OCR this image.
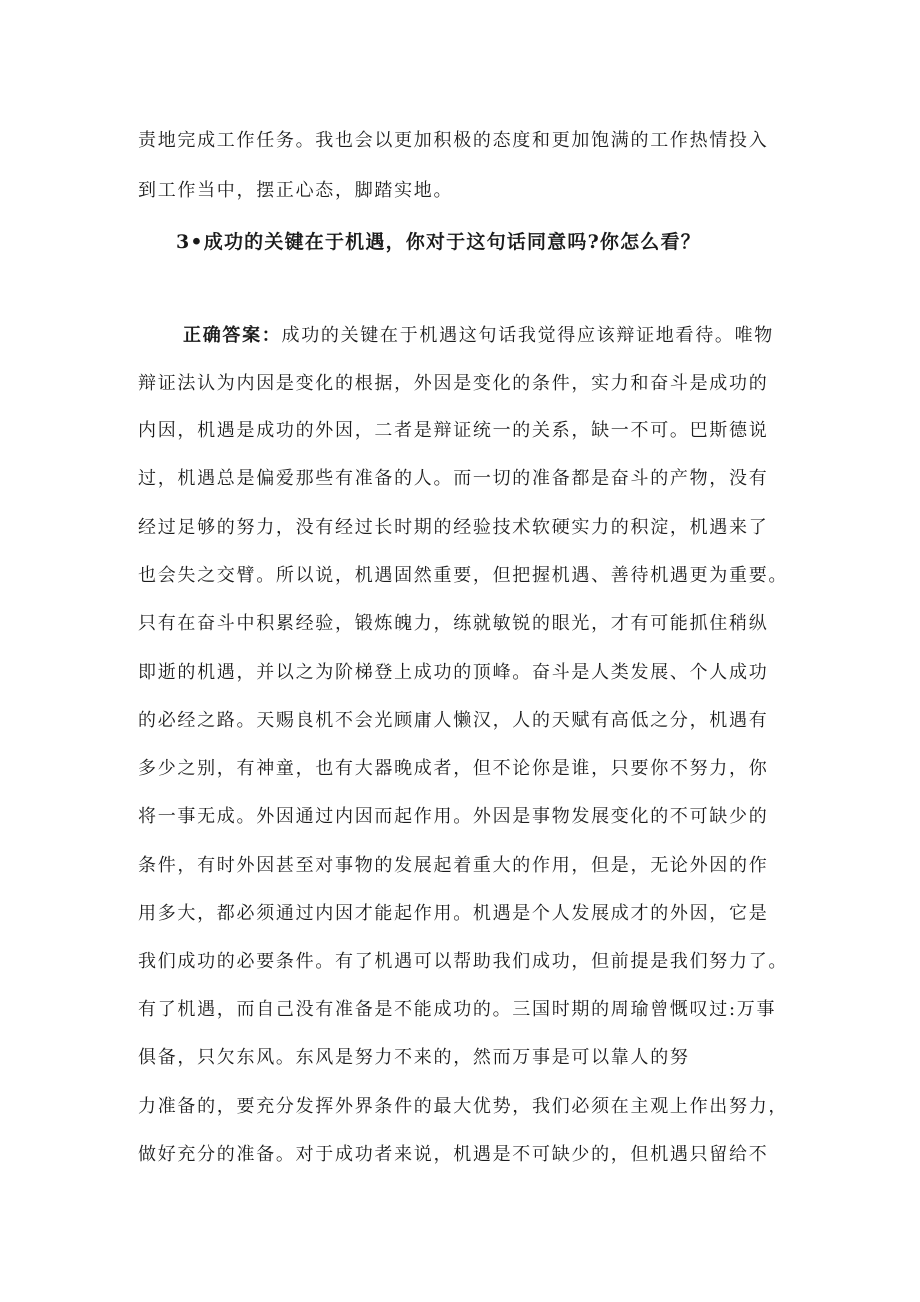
责地完成工作任务。我也会以更加积极的态度和更加饱满的工作热情投入

到工作当中，摆正心态，脚踏实地。

3•成功的关键在于机遇，你对于这句话同意吗?你怎么看？

正确答案：成功的关键在于机遇这句话我觉得应该辩证地看待。唯物

辩证法认为内因是变化的根据，外因是变化的条件，实力和奋斗是成功的

内因，机遇是成功的外因，二者是辩证统一的关系，缺一不可。巴斯德说

过，机遇总是偏爱那些有准备的人。而一切的准备都是奋斗的产物，没有

经过足够的努力，没有经过长时期的经验技术软硬实力的积淀，机遇来了

也会失之交臂。所以说，机遇固然重要，但把握机遇、善待机遇更为重要。

只有在奋斗中积累经验，锻炼魄力，练就敏锐的眼光，才有可能抓住稍纵

即逝的机遇，并以之为阶梯登上成功的顶峰。奋斗是人类发展、个人成功

的必经之路。天赐良机不会光顾庸人懒汉，人的天赋有高低之分，机遇有

多少之别，有神童，也有大器晚成者，但不论你是谁，只要你不努力，你

将一事无成。外因通过内因而起作用。外因是事物发展变化的不可缺少的

条件，有时外因甚至对事物的发展起着重大的作用，但是，无论外因的作

用多大，都必须通过内因才能起作用。机遇是个人发展成才的外因，它是

我们成功的必要条件。有了机遇可以帮助我们成功，但前提是我们努力了。

有了机遇，而自己没有准备是不能成功的。三国时期的周瑜曾慨叹过:万事

俱备，只欠东风。东风是努力不来的，然而万事是可以靠人的努

力准备的，要充分发挥外界条件的最大优势，我们必须在主观上作出努力，

做好充分的准备。对于成功者来说，机遇是不可缺少的，但机遇只留给不
